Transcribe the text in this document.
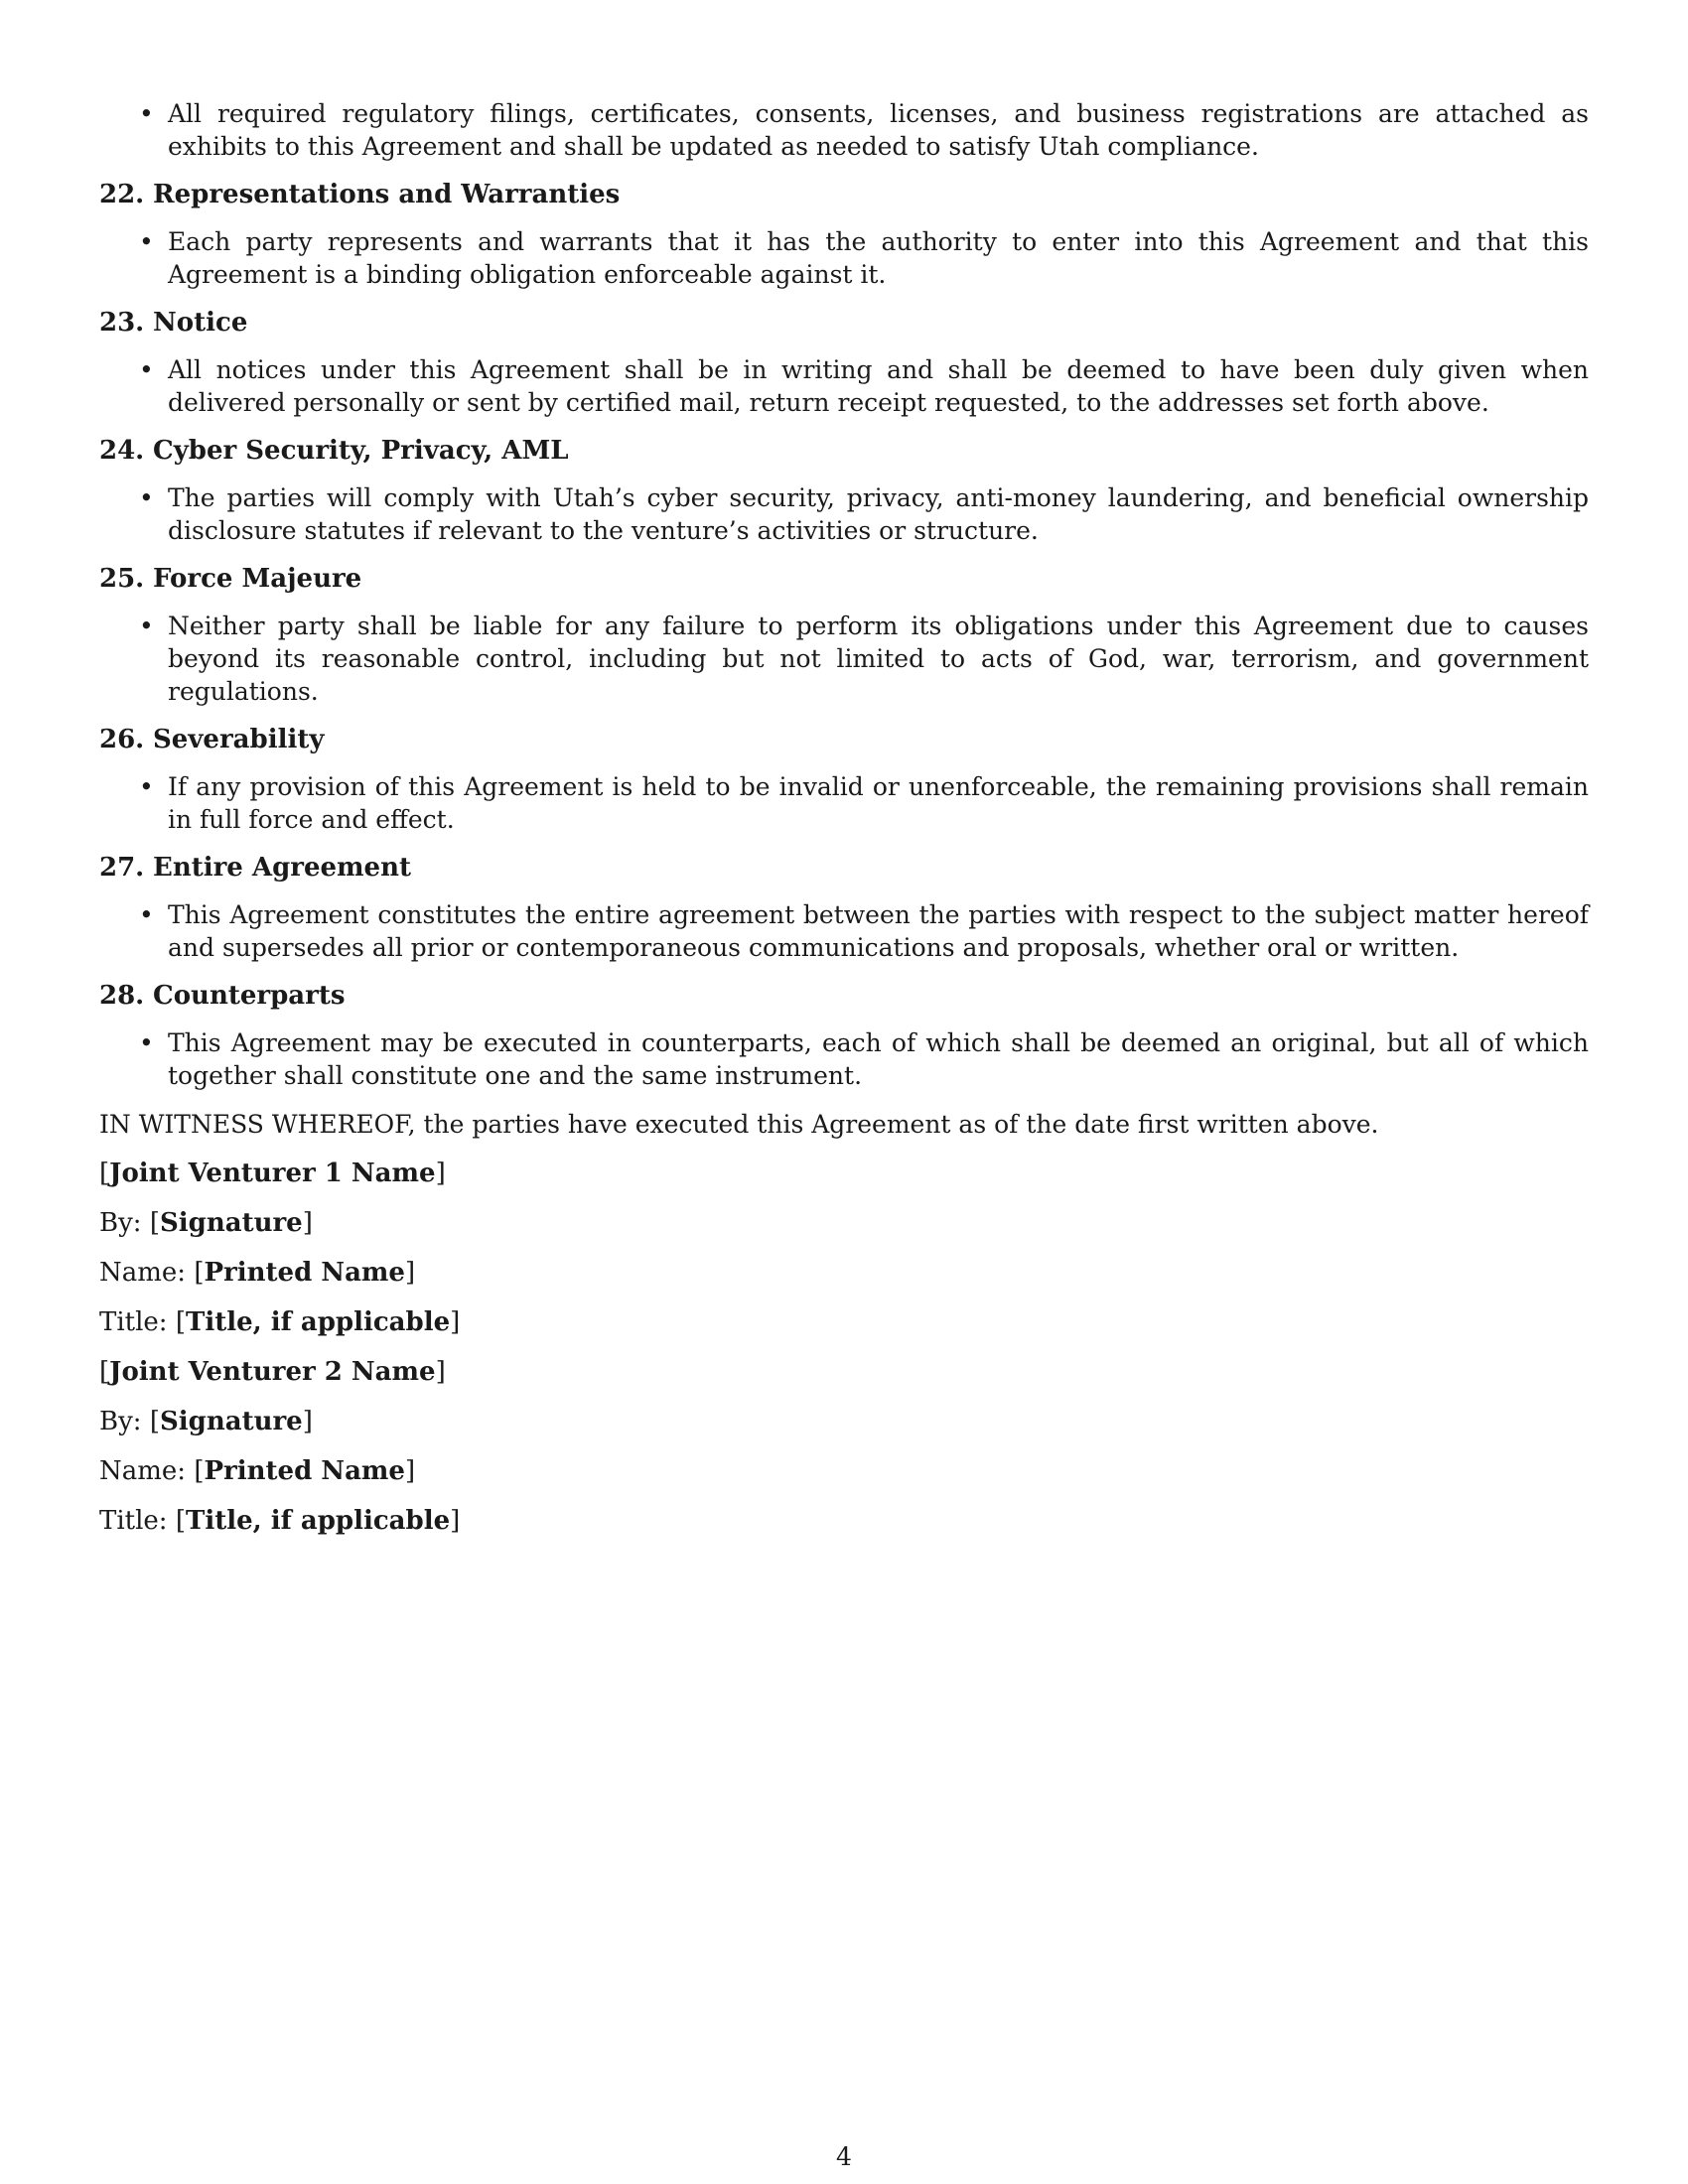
• All required regulatory filings, certificates, consents, licenses, and business registrations are attached as exhibits to this Agreement and shall be updated as needed to satisfy Utah compliance.
22. Representations and Warranties
• Each party represents and warrants that it has the authority to enter into this Agreement and that this Agreement is a binding obligation enforceable against it.
23. Notice
• All notices under this Agreement shall be in writing and shall be deemed to have been duly given when delivered personally or sent by certified mail, return receipt requested, to the addresses set forth above.
24. Cyber Security, Privacy, AML
• The parties will comply with Utah’s cyber security, privacy, anti-money laundering, and beneficial ownership disclosure statutes if relevant to the venture’s activities or structure.
25. Force Majeure
• Neither party shall be liable for any failure to perform its obligations under this Agreement due to causes beyond its reasonable control, including but not limited to acts of God, war, terrorism, and government regulations.
26. Severability
• If any provision of this Agreement is held to be invalid or unenforceable, the remaining provisions shall remain in full force and effect.
27. Entire Agreement
• This Agreement constitutes the entire agreement between the parties with respect to the subject matter hereof and supersedes all prior or contemporaneous communications and proposals, whether oral or written.
28. Counterparts
• This Agreement may be executed in counterparts, each of which shall be deemed an original, but all of which together shall constitute one and the same instrument.
IN WITNESS WHEREOF, the parties have executed this Agreement as of the date first written above.
[Joint Venturer 1 Name]
By: [Signature]
Name: [Printed Name]
Title: [Title, if applicable]
[Joint Venturer 2 Name]
By: [Signature]
Name: [Printed Name]
Title: [Title, if applicable]
4
